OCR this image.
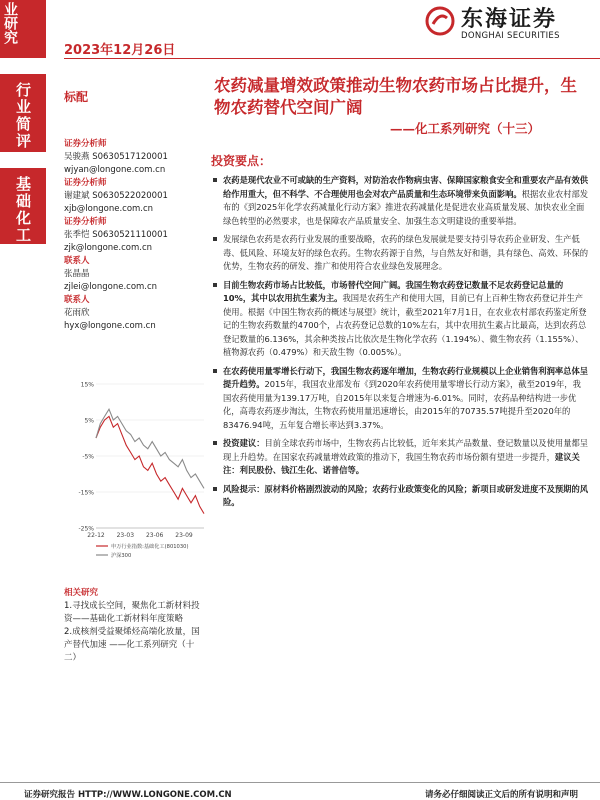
业研究
行业简评
基础化工
2023年12月26日
东海证券
DONGHAI SECURITIES
标配
证券分析师
吴骏燕 S0630517120001
wjyan@longone.com.cn
证券分析师
谢建斌 S0630522020001
xjb@longone.com.cn
证券分析师
张季恺 S0630521110001
zjk@longone.com.cn
联系人
张晶晶
zjlei@longone.com.cn
联系人
花雨欣
hyx@longone.com.cn
15%
5%
-5%
-15%
-25%
22-12 23-03 23-06 23-09
申万行业指数:基础化工(801030)
沪深300
相关研究
1.寻找成长空间，聚焦化工新材料投资——基础化工新材料年度策略
2.成核剂受益聚烯烃高端化放量，国产替代加速 ——化工系列研究（十二）
农药减量增效政策推动生物农药市场占比提升，生物农药替代空间广阔
——化工系列研究（十三）
投资要点：
农药是现代农业不可或缺的生产资料，对防治农作物病虫害、保障国家粮食安全和重要农产品有效供给作用重大，但不科学、不合理使用也会对农产品质量和生态环境带来负面影响。根据农业农村部发布的《到2025年化学农药减量化行动方案》推进农药减量化是促进农业高质量发展、加快农业全面绿色转型的必然要求，也是保障农产品质量安全、加强生态文明建设的重要举措。
发展绿色农药是农药行业发展的重要战略，农药的绿色发展就是要支持引导农药企业研发、生产低毒、低风险、环境友好的绿色农药。生物农药源于自然，与自然友好和谐，具有绿色、高效、环保的优势，生物农药的研发、推广和使用符合农业绿色发展理念。
目前生物农药市场占比较低，市场替代空间广阔。我国生物农药登记数量不足农药登记总量的10%，其中以农用抗生素为主。我国是农药生产和使用大国，目前已有上百种生物农药登记并生产使用。根据《中国生物农药的概述与展望》统计，截至2021年7月1日，在农业农村部农药鉴定所登记的生物农药数量约4700个，占农药登记总数的10%左右，其中农用抗生素占比最高，达到农药总登记数量的6.136%，其余种类按占比依次是生物化学农药（1.194%）、微生物农药（1.155%）、植物源农药（0.479%）和天敌生物（0.005%）。
在农药使用量零增长行动下，我国生物农药逐年增加，生物农药行业规模以上企业销售利润率总体呈提升趋势。2015年，我国农业部发布《到2020年农药使用量零增长行动方案》，截至2019年，我国农药使用量为139.17万吨，自2015年以来复合增速为-6.01%。同时，农药品种结构进一步优化，高毒农药逐步淘汰，生物农药使用量迅速增长，由2015年的70735.57吨提升至2020年的83476.94吨，五年复合增长率达到3.37%。
投资建议：目前全球农药市场中，生物农药占比较低，近年来其产品数量、登记数量以及使用量都呈现上升趋势。在国家农药减量增效政策的推动下，我国生物农药市场份额有望进一步提升，建议关注：利民股份、钱江生化、诺普信等。
风险提示：原材料价格剧烈波动的风险；农药行业政策变化的风险；新项目或研发进度不及预期的风险。
证券研究报告 HTTP://WWW.LONGONE.COM.CN	请务必仔细阅读正文后的所有说明和声明
